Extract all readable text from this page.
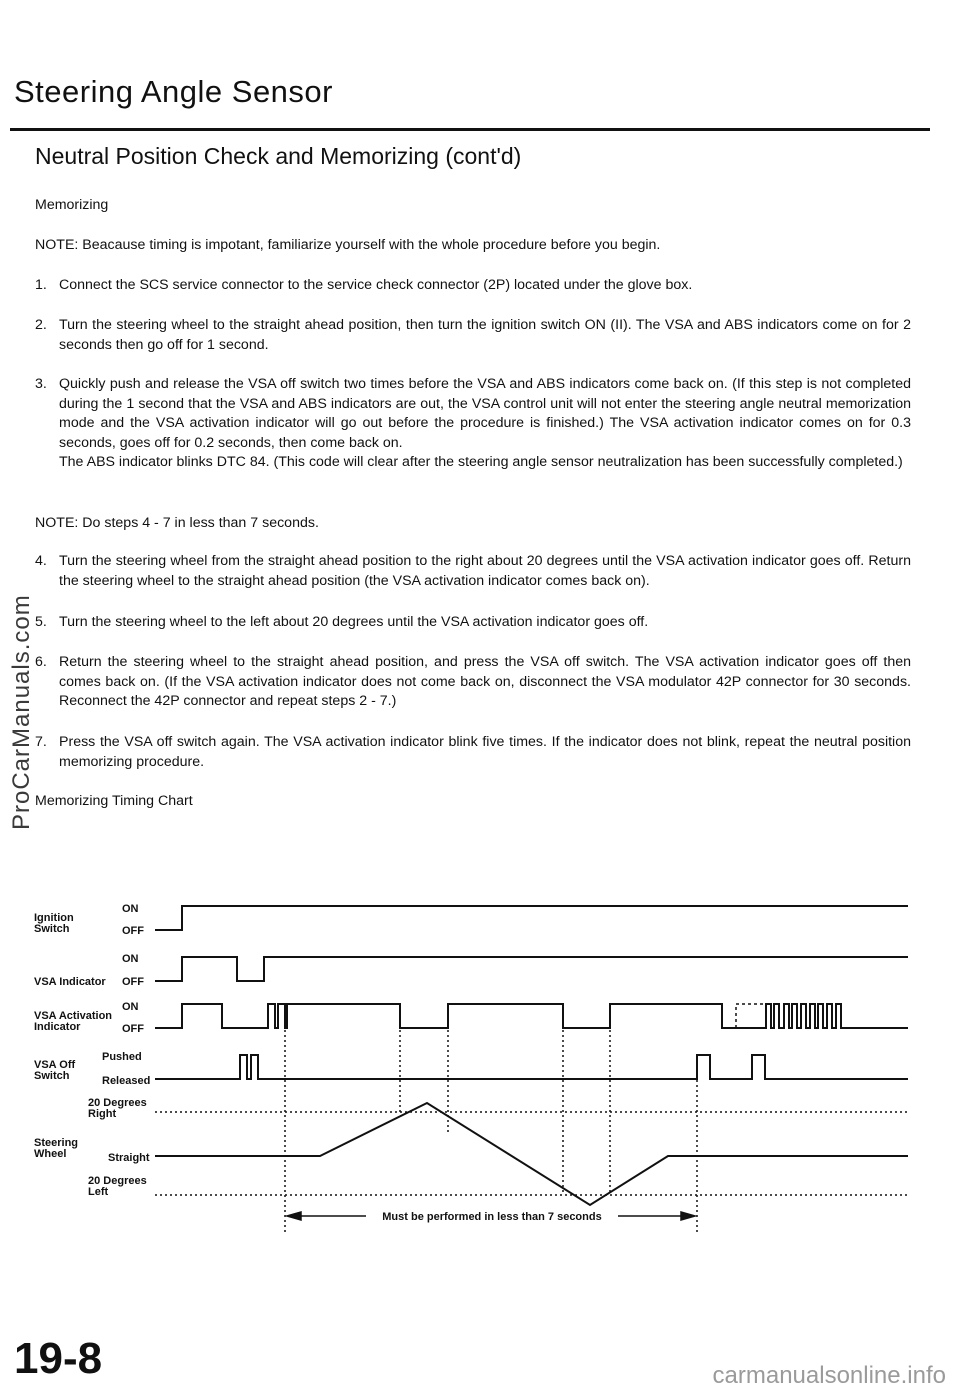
Steering Angle Sensor
Neutral Position Check and Memorizing (cont'd)

Memorizing

NOTE: Beacause timing is impotant, familiarize yourself with the whole procedure before you begin.

1. Connect the SCS service connector to the service check connector (2P) located under the glove box.

2. Turn the steering wheel to the straight ahead position, then turn the ignition switch ON (II). The VSA and ABS indicators come on for 2 seconds then go off for 1 second.

3. Quickly push and release the VSA off switch two times before the VSA and ABS indicators come back on. (If this step is not completed during the 1 second that the VSA and ABS indicators are out, the VSA control unit will not enter the steering angle neutral memorization mode and the VSA activation indicator will go out before the procedure is finished.) The VSA activation indicator comes on for 0.3 seconds, goes off for 0.2 seconds, then come back on.

The ABS indicator blinks DTC 84. (This code will clear after the steering angle sensor neutralization has been successfully completed.)

NOTE: Do steps 4 - 7 in less than 7 seconds.

4. Turn the steering wheel from the straight ahead position to the right about 20 degrees until the VSA activation indicator goes off. Return the steering wheel to the straight ahead position (the VSA activation indicator comes back on).

5. Turn the steering wheel to the left about 20 degrees until the VSA activation indicator goes off.

6. Return the steering wheel to the straight ahead position, and press the VSA off switch. The VSA activation indicator goes off then comes back on. (If the VSA activation indicator does not come back on, disconnect the VSA modulator 42P connector for 30 seconds. Reconnect the 42P connector and repeat steps 2 - 7.)

7. Press the VSA off switch again. The VSA activation indicator blink five times. If the indicator does not blink, repeat the neutral position memorizing procedure.

Memorizing Timing Chart

Ignition Switch
VSA Indicator
VSA Activation Indicator
VSA Off Switch
Steering Wheel
ON
OFF
ON
OFF
ON
OFF
Pushed
Released
20 Degrees Right
Straight
20 Degrees Left
Must be performed in less than 7 seconds
ProCarManuals.com
19-8	carmanualsonline.info
